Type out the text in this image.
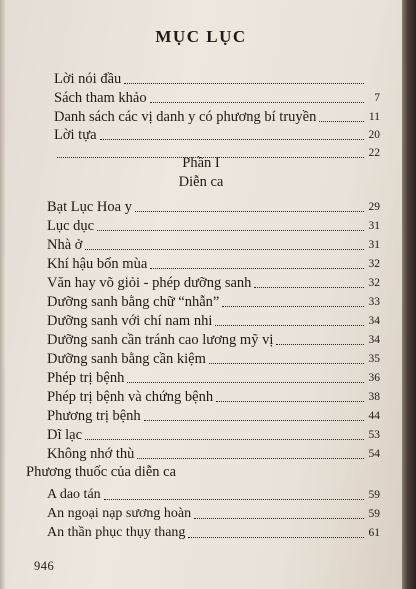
MỤC LỤC
Lời nói đầu
Sách tham khảo	7
Danh sách các vị danh y có phương bí truyền	11
Lời tựa	20
22
Phần I
Diễn ca
Bạt Lục Hoa y	29
Lục dục	31
Nhà ở	31
Khí hậu bốn mùa	32
Văn hay võ giỏi - phép dưỡng sanh	32
Dưỡng sanh bằng chữ “nhẫn”	33
Dưỡng sanh với chí nam nhi	34
Dưỡng sanh cần tránh cao lương mỹ vị	34
Dưỡng sanh bằng cần kiệm	35
Phép trị bệnh	36
Phép trị bệnh và chứng bệnh	38
Phương trị bệnh	44
Dĩ lạc	53
Không nhớ thù	54
Phương thuốc của diễn ca
A dao tán	59
An ngoại nạp sương hoàn	59
An thần phục thụy thang	61
946
